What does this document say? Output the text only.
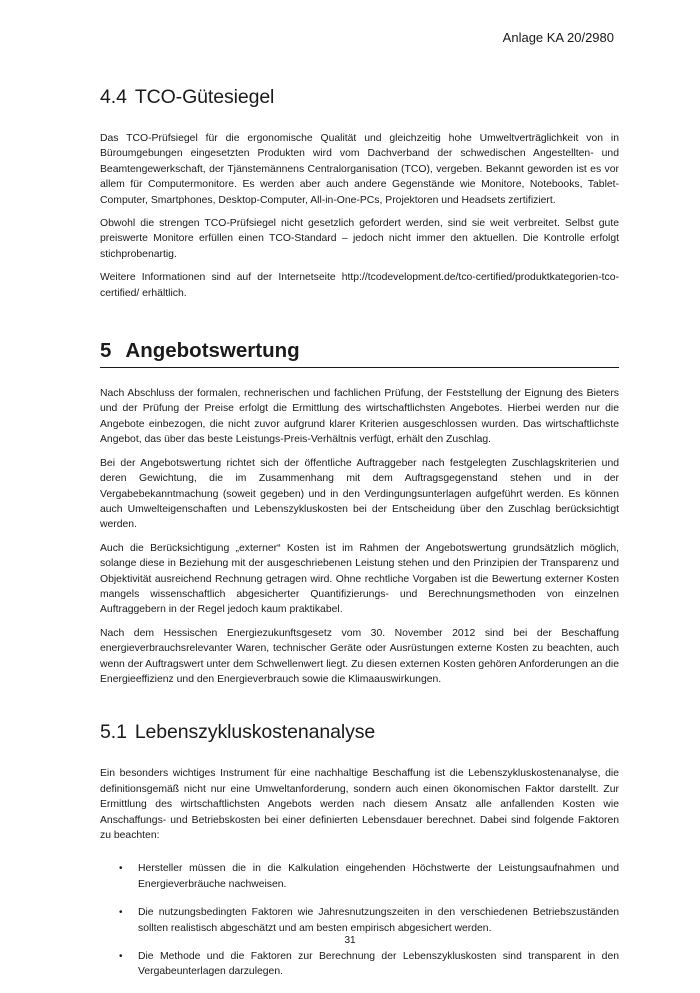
Anlage KA 20/2980
4.4 TCO-Gütesiegel

Das TCO-Prüfsiegel für die ergonomische Qualität und gleichzeitig hohe Umweltverträglichkeit von in Büroumgebungen eingesetzten Produkten wird vom Dachverband der schwedischen Angestellten- und Beamtengewerkschaft, der Tjänstemännens Centralorganisation (TCO), vergeben. Bekannt geworden ist es vor allem für Computermonitore. Es werden aber auch andere Gegenstände wie Monitore, Notebooks, Tablet-Computer, Smartphones, Desktop-Computer, All-in-One-PCs, Projektoren und Headsets zertifiziert.

Obwohl die strengen TCO-Prüfsiegel nicht gesetzlich gefordert werden, sind sie weit verbreitet. Selbst gute preiswerte Monitore erfüllen einen TCO-Standard – jedoch nicht immer den aktuellen. Die Kontrolle erfolgt stichprobenartig.

Weitere Informationen sind auf der Internetseite http://tcodevelopment.de/tco-certified/produktkategorien-tco-certified/ erhältlich.

5 Angebotswertung

Nach Abschluss der formalen, rechnerischen und fachlichen Prüfung, der Feststellung der Eignung des Bieters und der Prüfung der Preise erfolgt die Ermittlung des wirtschaftlichsten Angebotes. Hierbei werden nur die Angebote einbezogen, die nicht zuvor aufgrund klarer Kriterien ausgeschlossen wurden. Das wirtschaftlichste Angebot, das über das beste Leistungs-Preis-Verhältnis verfügt, erhält den Zuschlag.

Bei der Angebotswertung richtet sich der öffentliche Auftraggeber nach festgelegten Zuschlagskriterien und deren Gewichtung, die im Zusammenhang mit dem Auftragsgegenstand stehen und in der Vergabebekanntmachung (soweit gegeben) und in den Verdingungsunterlagen aufgeführt werden. Es können auch Umwelteigenschaften und Lebenszykluskosten bei der Entscheidung über den Zuschlag berücksichtigt werden.

Auch die Berücksichtigung „externer“ Kosten ist im Rahmen der Angebotswertung grundsätzlich möglich, solange diese in Beziehung mit der ausgeschriebenen Leistung stehen und den Prinzipien der Transparenz und Objektivität ausreichend Rechnung getragen wird. Ohne rechtliche Vorgaben ist die Bewertung externer Kosten mangels wissenschaftlich abgesicherter Quantifizierungs- und Berechnungsmethoden von einzelnen Auftraggebern in der Regel jedoch kaum praktikabel.

Nach dem Hessischen Energiezukunftsgesetz vom 30. November 2012 sind bei der Beschaffung energieverbrauchsrelevanter Waren, technischer Geräte oder Ausrüstungen externe Kosten zu beachten, auch wenn der Auftragswert unter dem Schwellenwert liegt. Zu diesen externen Kosten gehören Anforderungen an die Energieeffizienz und den Energieverbrauch sowie die Klimaauswirkungen.

5.1 Lebenszykluskostenanalyse

Ein besonders wichtiges Instrument für eine nachhaltige Beschaffung ist die Lebenszykluskostenanalyse, die definitionsgemäß nicht nur eine Umweltanforderung, sondern auch einen ökonomischen Faktor darstellt. Zur Ermittlung des wirtschaftlichsten Angebots werden nach diesem Ansatz alle anfallenden Kosten wie Anschaffungs- und Betriebskosten bei einer definierten Lebensdauer berechnet. Dabei sind folgende Faktoren zu beachten:

• Hersteller müssen die in die Kalkulation eingehenden Höchstwerte der Leistungsaufnahmen und Energieverbräuche nachweisen.
• Die nutzungsbedingten Faktoren wie Jahresnutzungszeiten in den verschiedenen Betriebszuständen sollten realistisch abgeschätzt und am besten empirisch abgesichert werden.
• Die Methode und die Faktoren zur Berechnung der Lebenszykluskosten sind transparent in den Vergabeunterlagen darzulegen.
31
